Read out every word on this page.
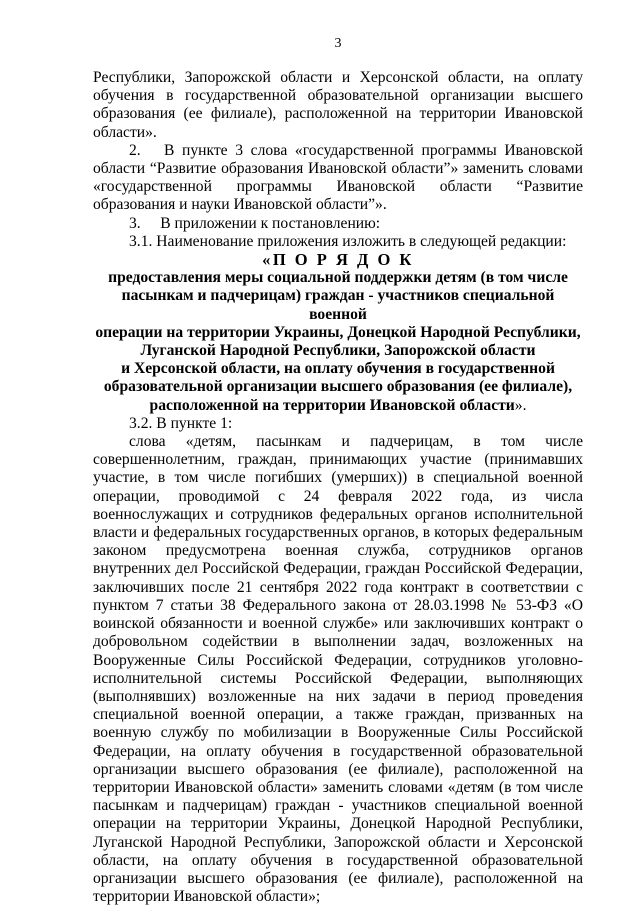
3

Республики, Запорожской области и Херсонской области, на оплату обучения в государственной образовательной организации высшего образования (ее филиале), расположенной на территории Ивановской области».

2.  В пункте 3 слова «государственной программы Ивановской области “Развитие образования Ивановской области”» заменить словами «государственной программы Ивановской области “Развитие образования и науки Ивановской области”».

3.  В приложении к постановлению:

3.1. Наименование приложения изложить в следующей редакции:

«П О Р Я Д О К
предоставления меры социальной поддержки детям (в том числе
пасынкам и падчерицам) граждан - участников специальной военной
операции на территории Украины, Донецкой Народной Республики,
Луганской Народной Республики, Запорожской области
и Херсонской области, на оплату обучения в государственной
образовательной организации высшего образования (ее филиале),
расположенной на территории Ивановской области».

3.2. В пункте 1:

слова «детям, пасынкам и падчерицам, в том числе совершеннолетним, граждан, принимающих участие (принимавших участие, в том числе погибших (умерших)) в специальной военной операции, проводимой с 24 февраля 2022 года, из числа военнослужащих и сотрудников федеральных органов исполнительной власти и федеральных государственных органов, в которых федеральным законом предусмотрена военная служба, сотрудников органов внутренних дел Российской Федерации, граждан Российской Федерации, заключивших после 21 сентября 2022 года контракт в соответствии с пунктом 7 статьи 38 Федерального закона от 28.03.1998 № 53-ФЗ «О воинской обязанности и военной службе» или заключивших контракт о добровольном содействии в выполнении задач, возложенных на Вооруженные Силы Российской Федерации, сотрудников уголовно-исполнительной системы Российской Федерации, выполняющих (выполнявших) возложенные на них задачи в период проведения специальной военной операции, а также граждан, призванных на военную службу по мобилизации в Вооруженные Силы Российской Федерации, на оплату обучения в государственной образовательной организации высшего образования (ее филиале), расположенной на территории Ивановской области» заменить словами «детям (в том числе пасынкам и падчерицам) граждан - участников специальной военной операции на территории Украины, Донецкой Народной Республики, Луганской Народной Республики, Запорожской области и Херсонской области, на оплату обучения в государственной образовательной организации высшего образования (ее филиале), расположенной на территории Ивановской области»;
